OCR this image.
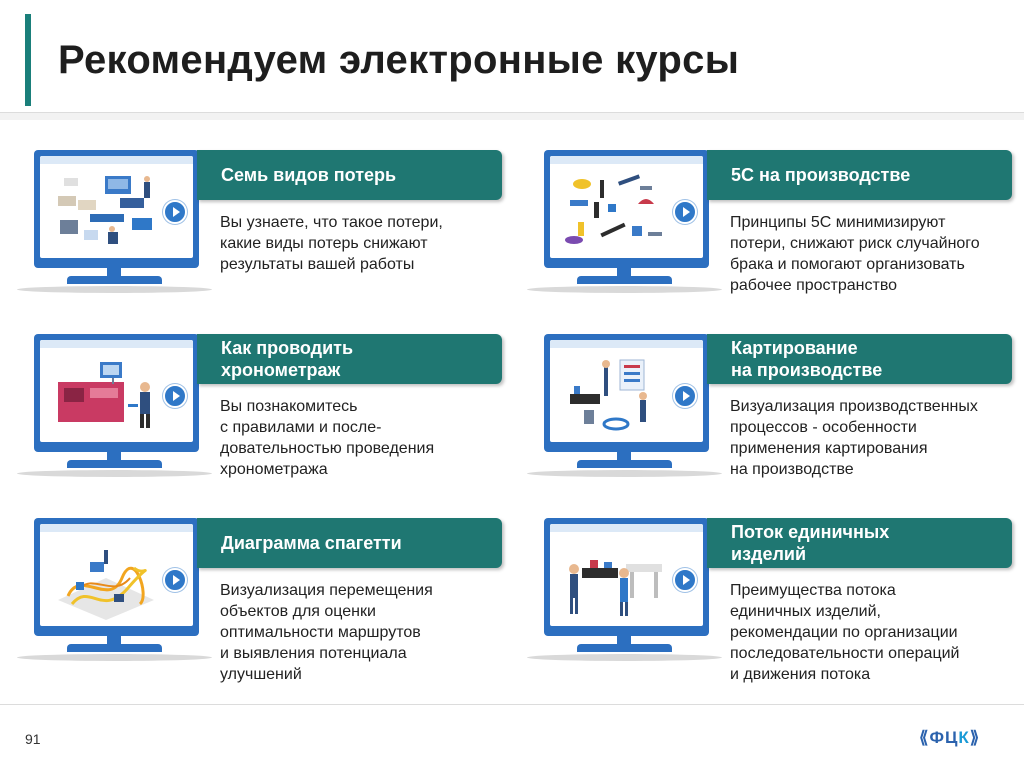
Рекомендуем электронные курсы
91	⟪ФЦК⟫
Семь видов потерь
Вы узнаете, что такое потери,
какие виды потерь снижают
результаты вашей работы
5С на производстве
Принципы 5С минимизируют
потери, снижают риск случайного
брака и помогают организовать
рабочее пространство
Как проводить
хронометраж
Вы познакомитесь
с правилами и после-
довательностью проведения
хронометража
Картирование
на производстве
Визуализация производственных
процессов - особенности
применения картирования
на производстве
Диаграмма спагетти
Визуализация перемещения
объектов для оценки
оптимальности маршрутов
и выявления потенциала
улучшений
Поток единичных
изделий
Преимущества потока
единичных изделий,
рекомендации по организации
последовательности операций
и движения потока
